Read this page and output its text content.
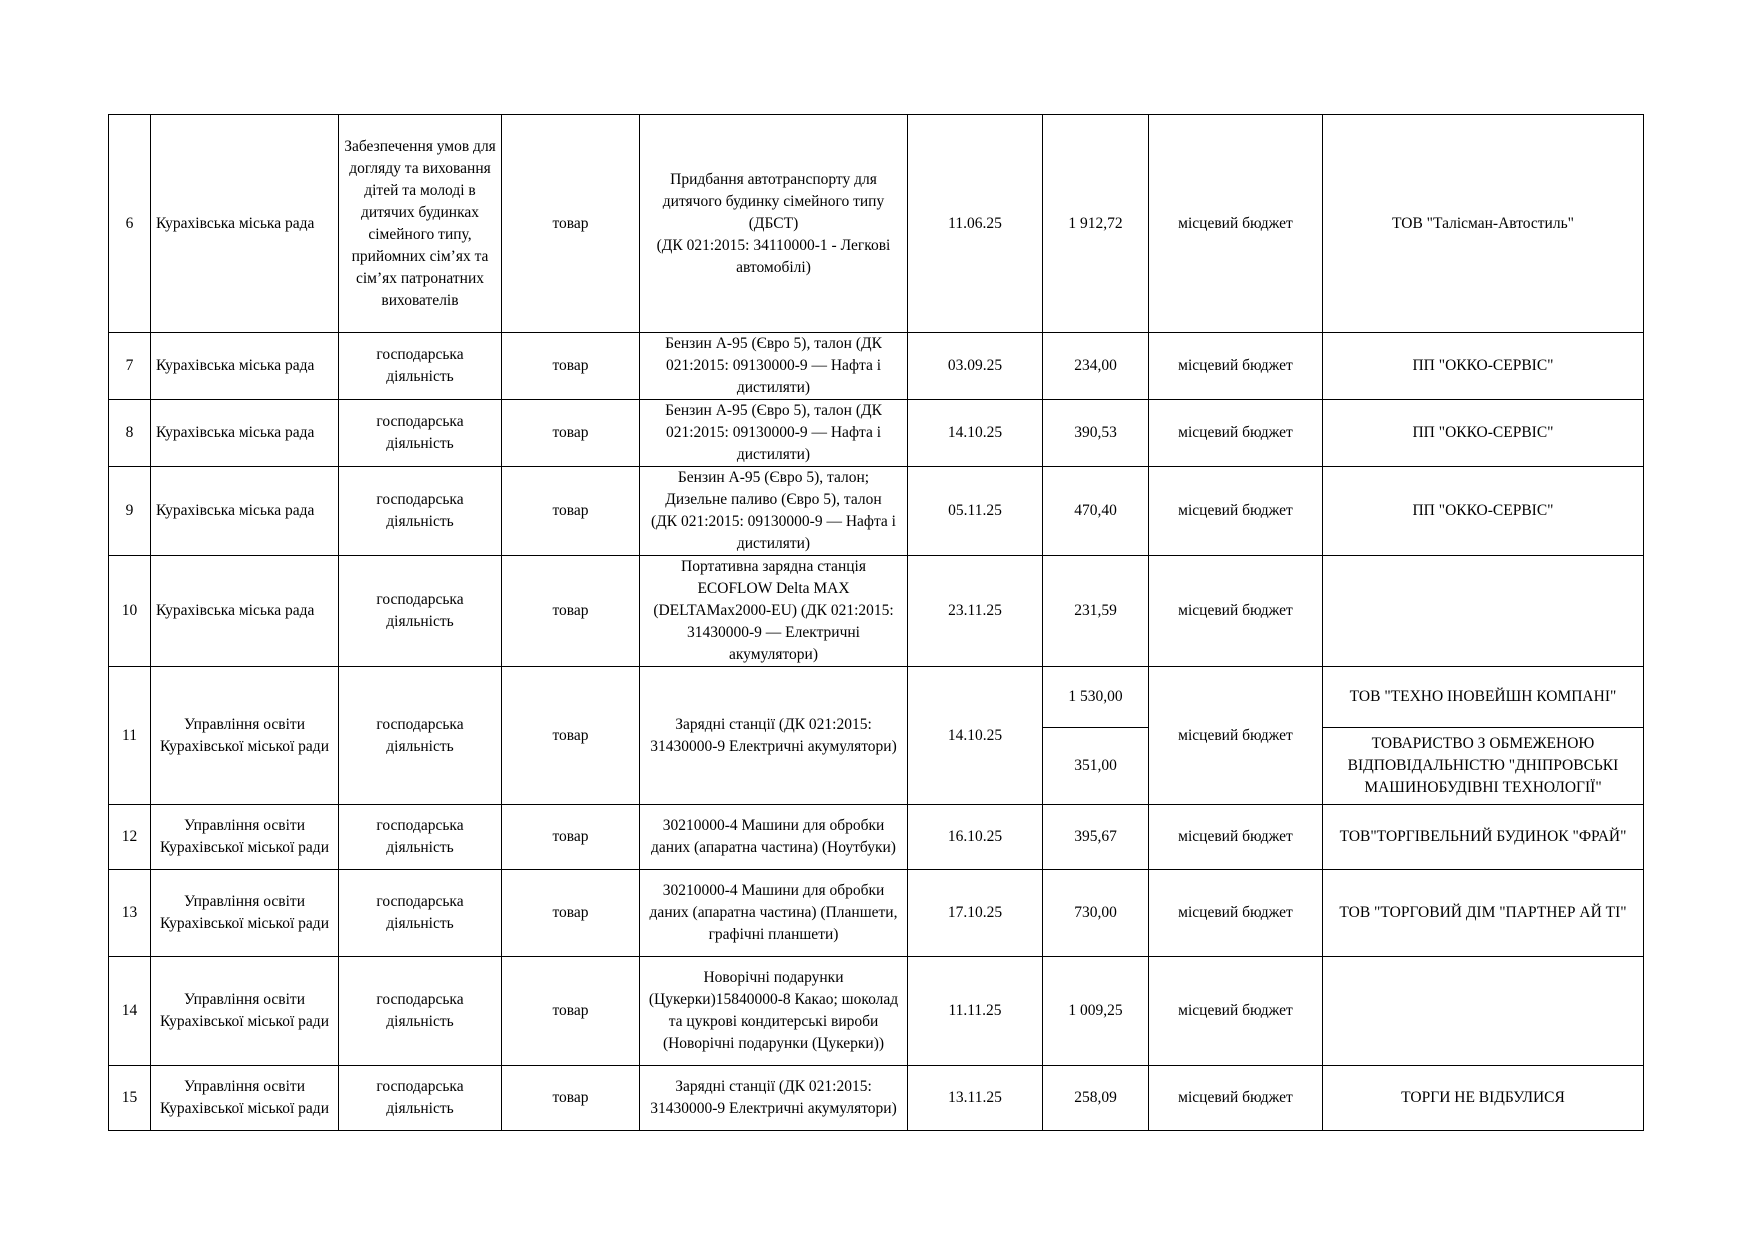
6	Курахівська міська рада	Забезпечення умов для догляду та виховання дітей та молоді в дитячих будинках сімейного типу, прийомних сім’ях та сім’ях патронатних вихователів	товар	Придбання автотранспорту для дитячого будинку сімейного типу (ДБСТ)
(ДК 021:2015: 34110000-1 - Легкові автомобілі)	11.06.25	1 912,72	місцевий бюджет	ТОВ "Талісман-Автостиль"
7	Курахівська міська рада	господарська діяльність	товар	Бензин А-95 (Євро 5), талон (ДК 021:2015: 09130000-9 — Нафта і дистиляти)	03.09.25	234,00	місцевий бюджет	ПП "ОККО-СЕРВІС"
8	Курахівська міська рада	господарська діяльність	товар	Бензин А-95 (Євро 5), талон (ДК 021:2015: 09130000-9 — Нафта і дистиляти)	14.10.25	390,53	місцевий бюджет	ПП "ОККО-СЕРВІС"
9	Курахівська міська рада	господарська діяльність	товар	Бензин А-95 (Євро 5), талон;
Дизельне паливо (Євро 5), талон
(ДК 021:2015: 09130000-9 — Нафта і дистиляти)	05.11.25	470,40	місцевий бюджет	ПП "ОККО-СЕРВІС"
10	Курахівська міська рада	господарська діяльність	товар	Портативна зарядна станція ECOFLOW Delta MAX (DELTAMax2000-EU) (ДК 021:2015: 31430000-9 — Електричні акумулятори)	23.11.25	231,59	місцевий бюджет	
11	Управління освіти Курахівської міської ради	господарська діяльність	товар	Зарядні станції (ДК 021:2015: 31430000-9 Електричні акумулятори)	14.10.25	1 530,00	місцевий бюджет	ТОВ "ТЕХНО ІНОВЕЙШН КОМПАНІ"
						351,00		ТОВАРИСТВО З ОБМЕЖЕНОЮ ВІДПОВІДАЛЬНІСТЮ "ДНІПРОВСЬКІ МАШИНОБУДІВНІ ТЕХНОЛОГІЇ"
12	Управління освіти Курахівської міської ради	господарська діяльність	товар	30210000-4 Машини для обробки даних (апаратна частина) (Ноутбуки)	16.10.25	395,67	місцевий бюджет	ТОВ"ТОРГІВЕЛЬНИЙ БУДИНОК "ФРАЙ"
13	Управління освіти Курахівської міської ради	господарська діяльність	товар	30210000-4 Машини для обробки даних (апаратна частина) (Планшети, графічні планшети)	17.10.25	730,00	місцевий бюджет	ТОВ "ТОРГОВИЙ ДІМ "ПАРТНЕР АЙ ТІ"
14	Управління освіти Курахівської міської ради	господарська діяльність	товар	Новорічні подарунки (Цукерки)15840000-8 Какао; шоколад та цукрові кондитерські вироби (Новорічні подарунки (Цукерки))	11.11.25	1 009,25	місцевий бюджет	
15	Управління освіти Курахівської міської ради	господарська діяльність	товар	Зарядні станції (ДК 021:2015: 31430000-9 Електричні акумулятори)	13.11.25	258,09	місцевий бюджет	ТОРГИ НЕ ВІДБУЛИСЯ
